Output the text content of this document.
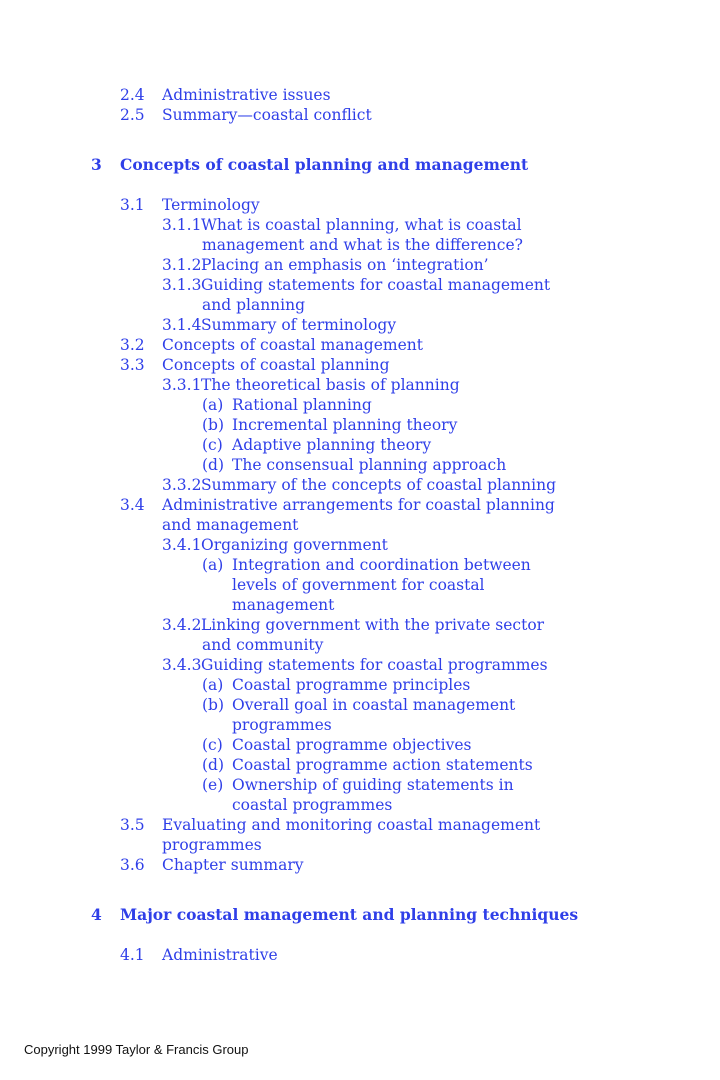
2.4 Administrative issues
2.5 Summary—coastal conflict
3 Concepts of coastal planning and management
3.1 Terminology
3.1.1 What is coastal planning, what is coastal
management and what is the difference?
3.1.2 Placing an emphasis on ‘integration’
3.1.3 Guiding statements for coastal management
and planning
3.1.4 Summary of terminology
3.2 Concepts of coastal management
3.3 Concepts of coastal planning
3.3.1 The theoretical basis of planning
(a) Rational planning
(b) Incremental planning theory
(c) Adaptive planning theory
(d) The consensual planning approach
3.3.2 Summary of the concepts of coastal planning
3.4 Administrative arrangements for coastal planning
and management
3.4.1 Organizing government
(a) Integration and coordination between
levels of government for coastal
management
3.4.2 Linking government with the private sector
and community
3.4.3 Guiding statements for coastal programmes
(a) Coastal programme principles
(b) Overall goal in coastal management
programmes
(c) Coastal programme objectives
(d) Coastal programme action statements
(e) Ownership of guiding statements in
coastal programmes
3.5 Evaluating and monitoring coastal management
programmes
3.6 Chapter summary
4 Major coastal management and planning techniques
4.1 Administrative
Copyright 1999 Taylor & Francis Group
